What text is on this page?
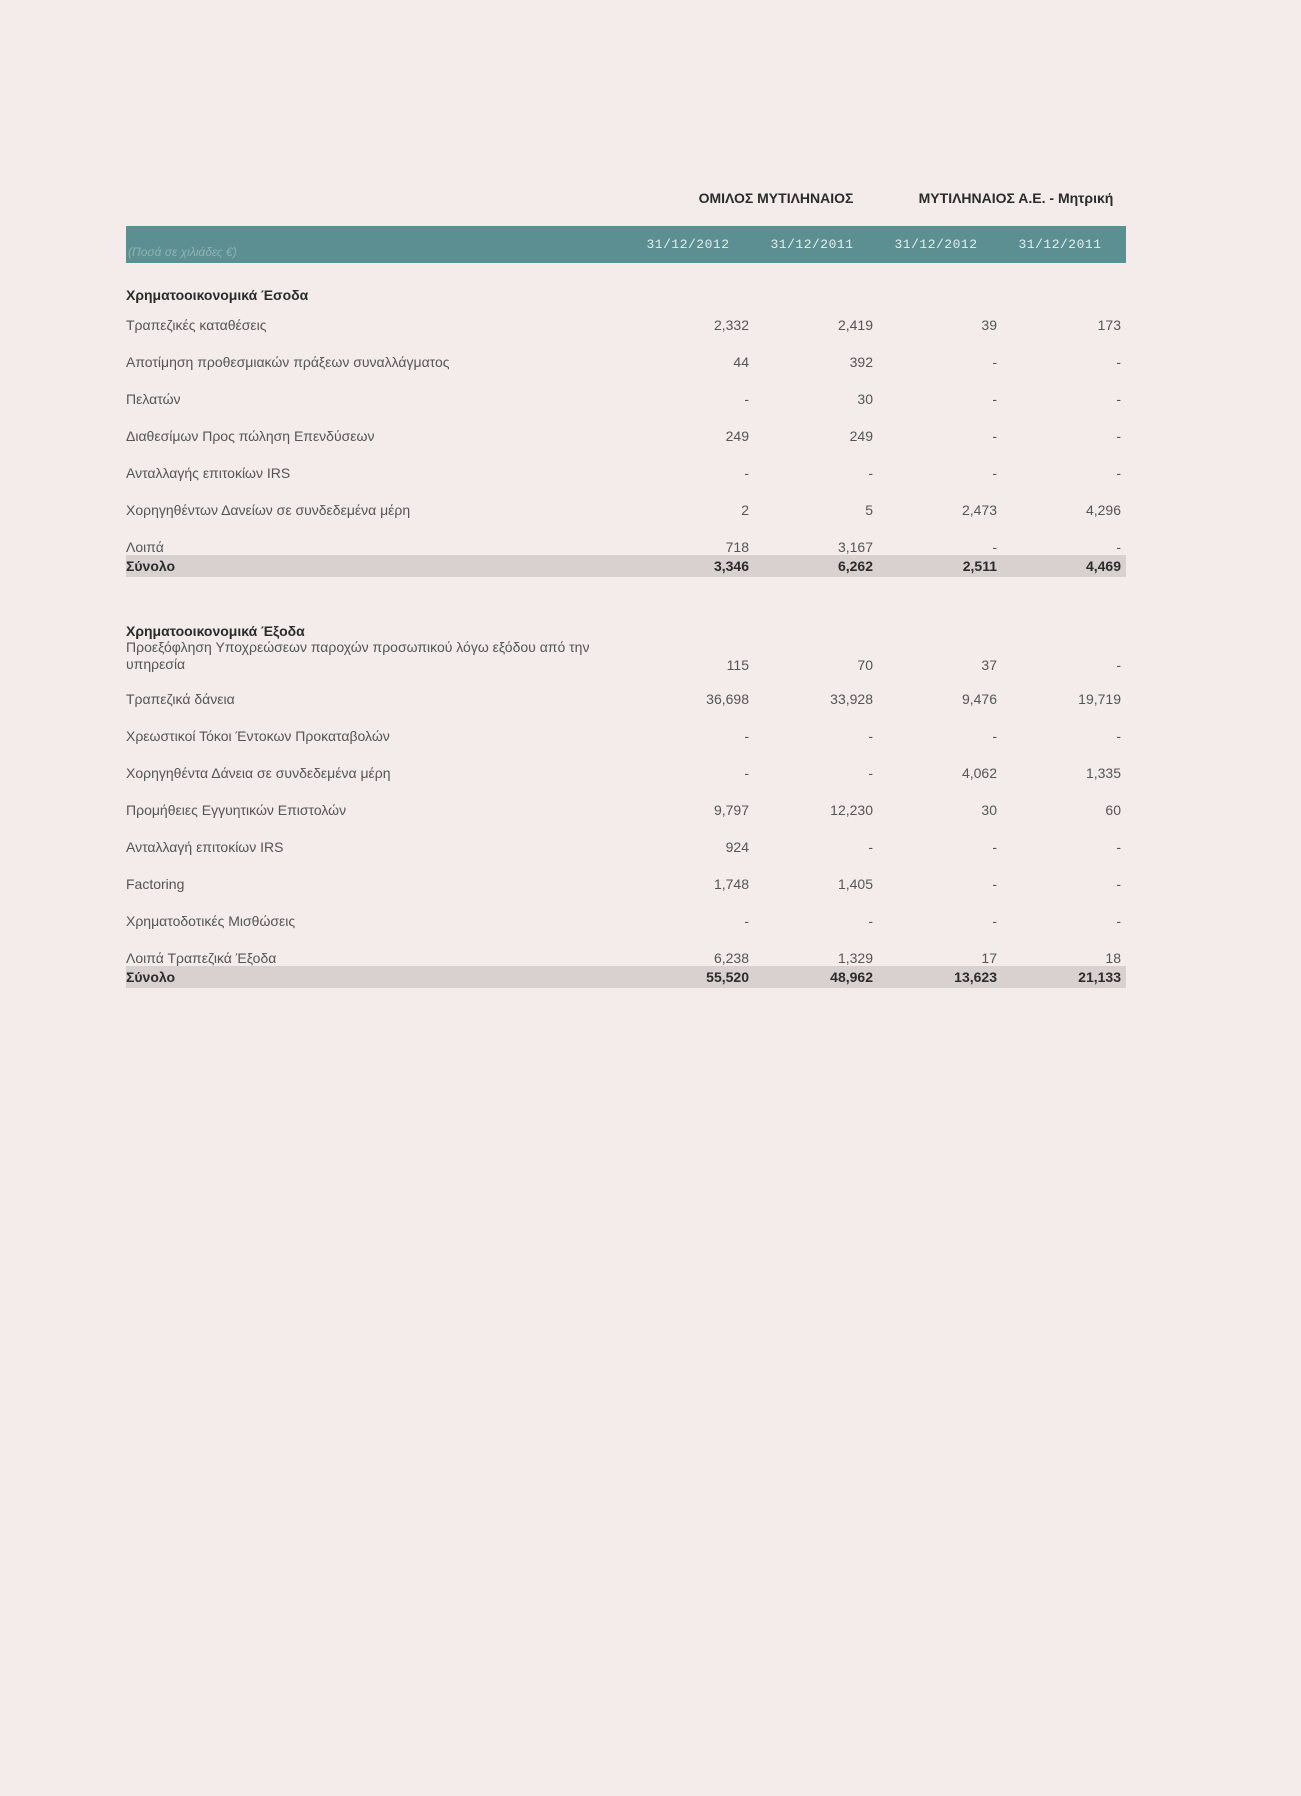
ΟΜΙΛΟΣ ΜΥΤΙΛΗΝΑΙΟΣ	ΜΥΤΙΛΗΝΑΙΟΣ Α.Ε. - Μητρική
(Ποσά σε χιλιάδες €)	31/12/2012	31/12/2011	31/12/2012	31/12/2011
Χρηματοοικονομικά Έσοδα
Τραπεζικές καταθέσεις	2,332	2,419	39	173
Αποτίμηση προθεσμιακών πράξεων συναλλάγματος	44	392	-	-
Πελατών	-	30	-	-
Διαθεσίμων Προς πώληση Επενδύσεων	249	249	-	-
Ανταλλαγής επιτοκίων IRS	-	-	-	-
Χορηγηθέντων Δανείων σε συνδεδεμένα μέρη	2	5	2,473	4,296
Λοιπά	718	3,167	-	-
Σύνολο	3,346	6,262	2,511	4,469
Χρηματοοικονομικά Έξοδα
Προεξόφληση Υποχρεώσεων παροχών προσωπικού λόγω εξόδου από την υπηρεσία	115	70	37	-
Τραπεζικά δάνεια	36,698	33,928	9,476	19,719
Χρεωστικοί Τόκοι Έντοκων Προκαταβολών	-	-	-	-
Χορηγηθέντα Δάνεια σε συνδεδεμένα μέρη	-	-	4,062	1,335
Προμήθειες Εγγυητικών Επιστολών	9,797	12,230	30	60
Ανταλλαγή επιτοκίων IRS	924	-	-	-
Factoring	1,748	1,405	-	-
Χρηματοδοτικές Μισθώσεις	-	-	-	-
Λοιπά Τραπεζικά Έξοδα	6,238	1,329	17	18
Σύνολο	55,520	48,962	13,623	21,133
